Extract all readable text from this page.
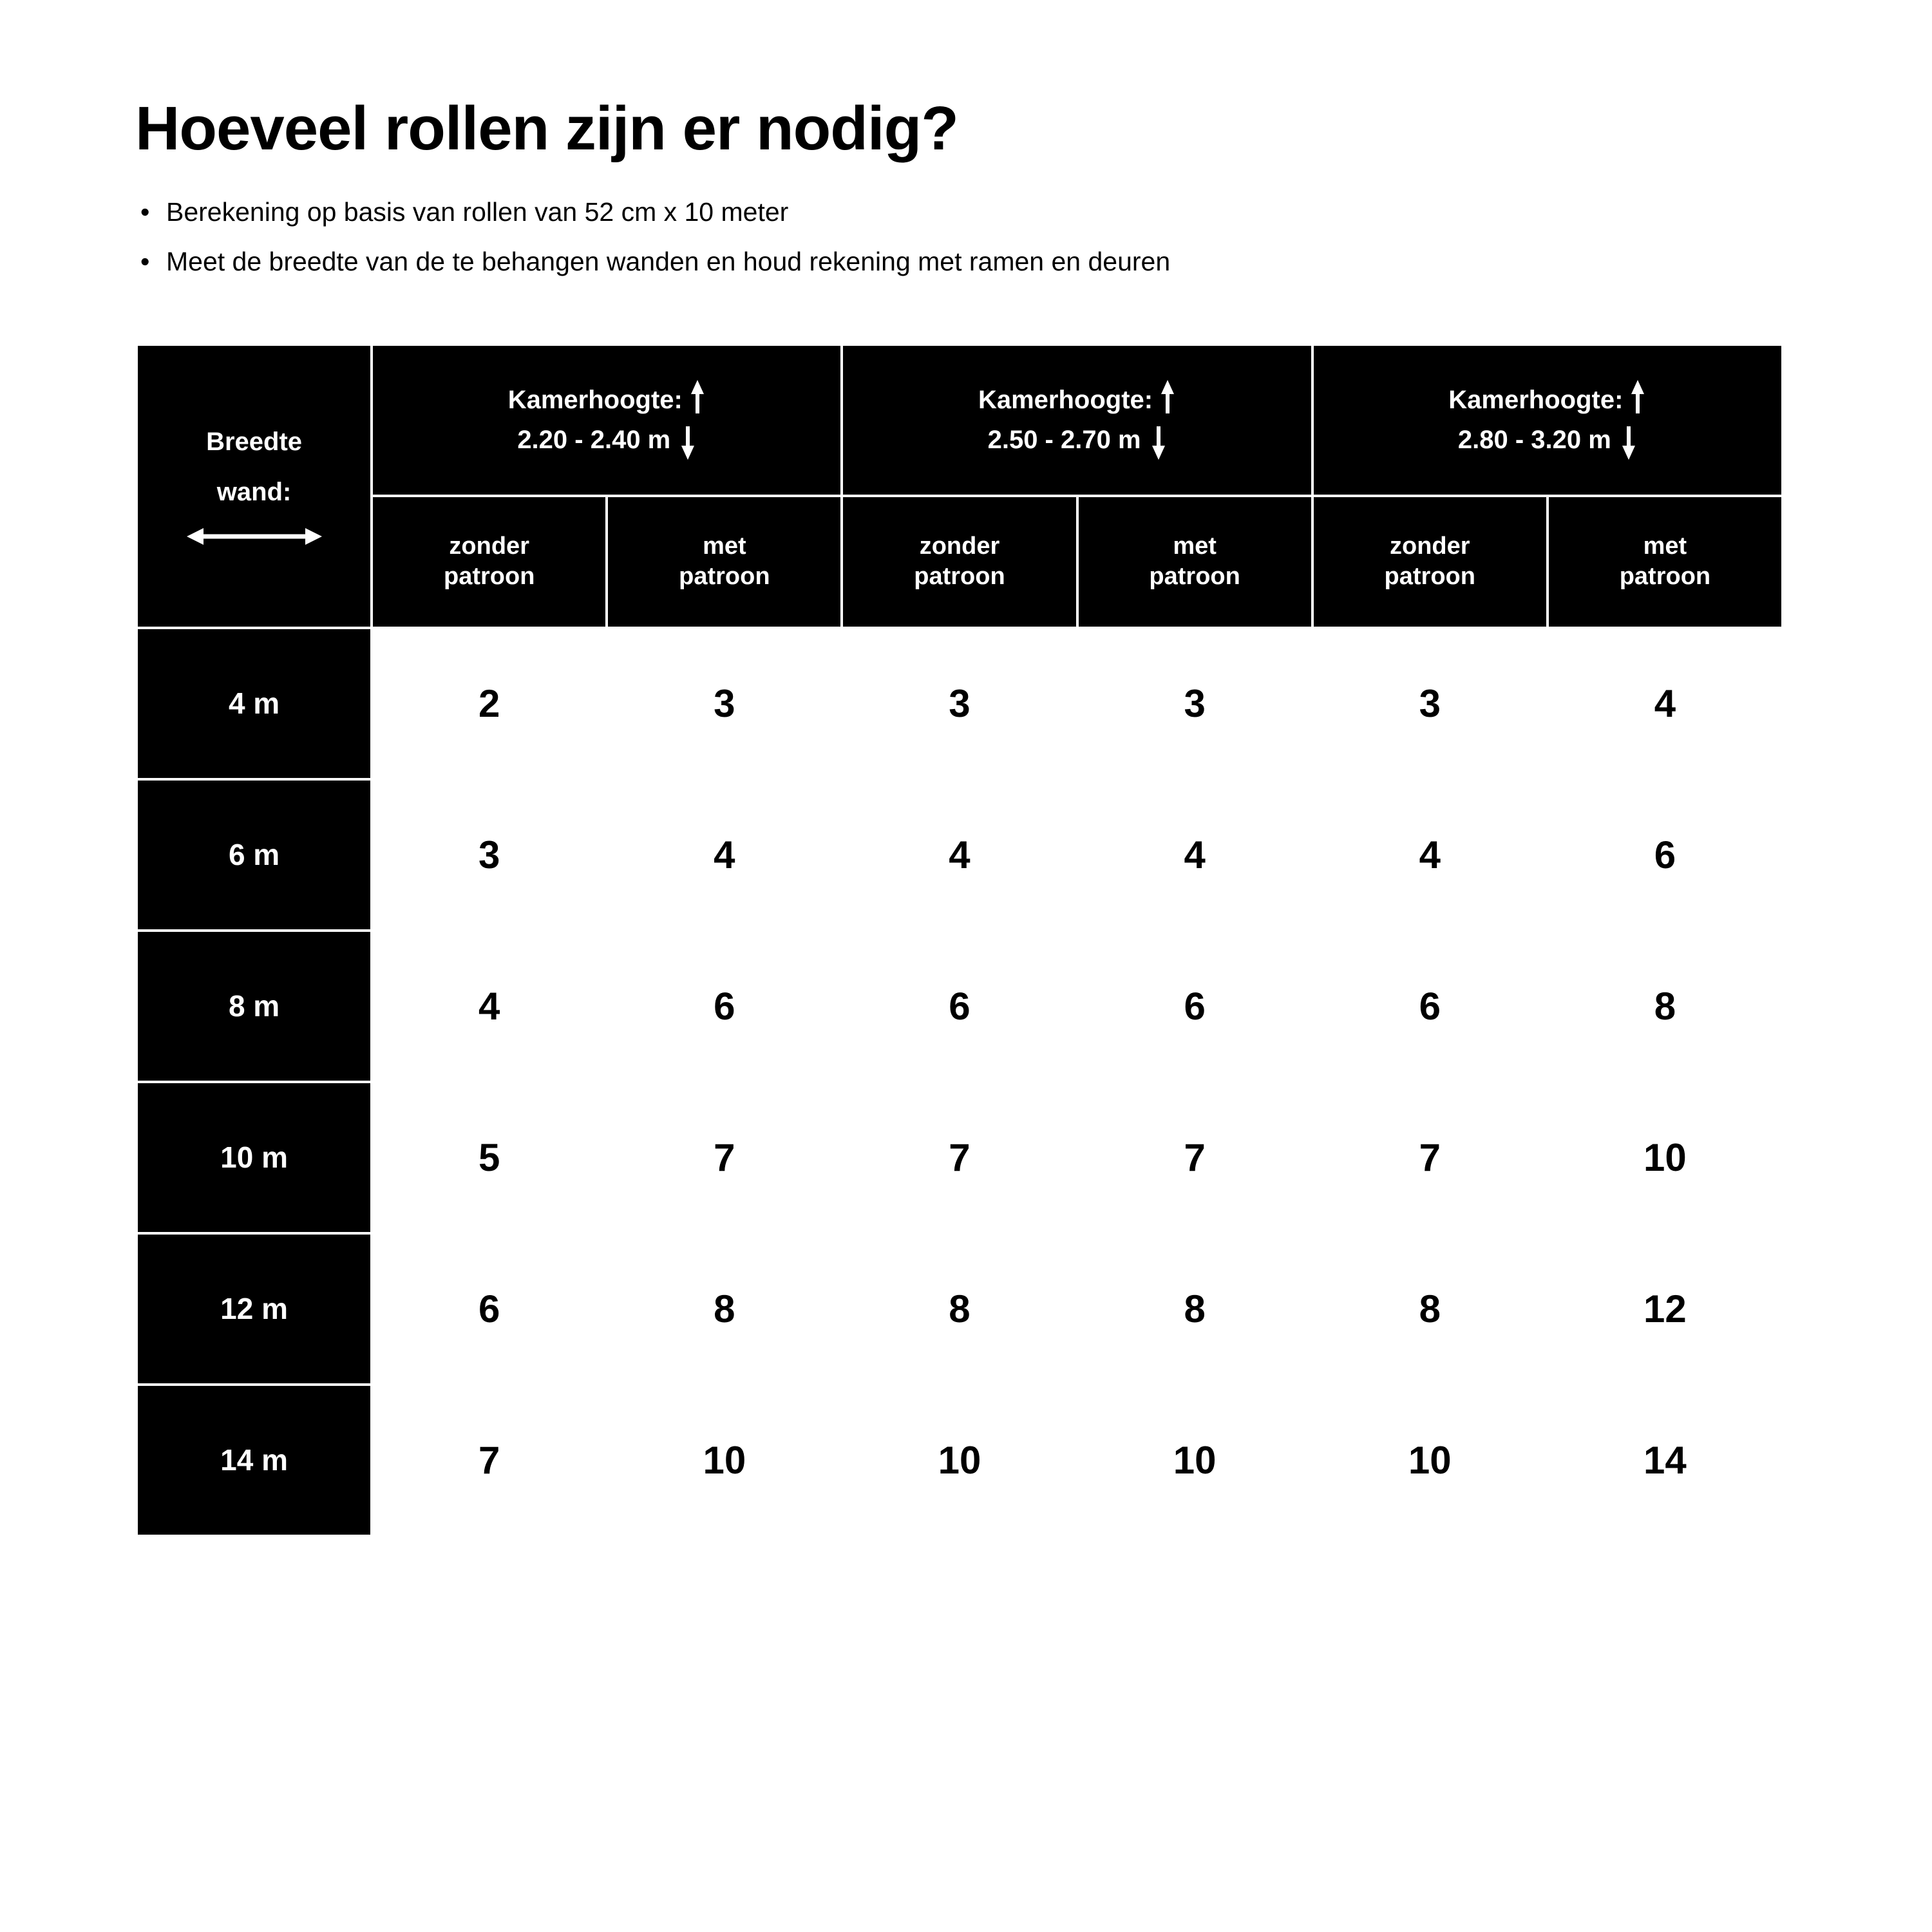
Hoeveel rollen zijn er nodig?
• Berekening op basis van rollen van 52 cm x 10 meter
• Meet de breedte van de te behangen wanden en houd rekening met ramen en deuren
Breedte
wand:

Kamerhoogte:
2.20 - 2.40 m

Kamerhoogte:
2.50 - 2.70 m

Kamerhoogte:
2.80 - 3.20 m

zonder
patroon

met
patroon

zonder
patroon

met
patroon

zonder
patroon

met
patroon

4 m	2	3	3	3	3	4
6 m	3	4	4	4	4	6
8 m	4	6	6	6	6	8
10 m	5	7	7	7	7	10
12 m	6	8	8	8	8	12
14 m	7	10	10	10	10	14
